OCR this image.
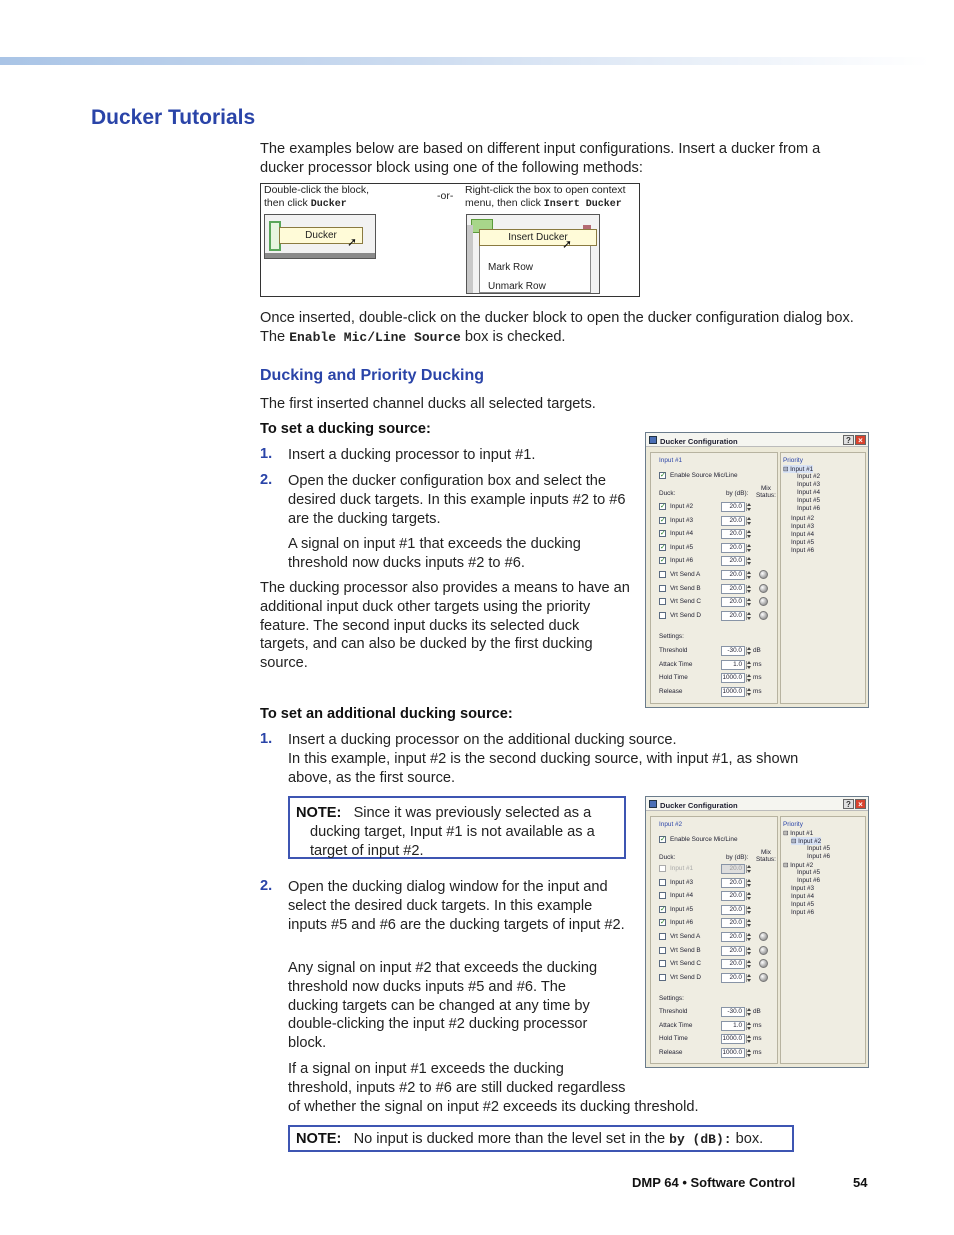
Ducker Tutorials
The examples below are based on different input configurations. Insert a ducker from a ducker processor block using one of the following methods:
Double-click the block,
then click Ducker
-or- Right-click the box to open context
menu, then click Insert Ducker
Ducker ➚
Mark Row
Unmark Row
Insert Ducker
➚
Once inserted, double-click on the ducker block to open the ducker configuration dialog box. The Enable Mic/Line Source box is checked.
Ducking and Priority Ducking
The first inserted channel ducks all selected targets.
To set a ducking source:
1. Insert a ducking processor to input #1.
2. Open the ducker configuration box and select the desired duck targets. In this example inputs #2 to #6 are the ducking targets.
A signal on input #1 that exceeds the ducking threshold now ducks inputs #2 to #6.
The ducking processor also provides a means to have an additional input duck other targets using the priority feature. The second input ducks its selected duck targets, and can also be ducked by the first ducking source.
Ducker Configuration	? ×
Input #1
✓ Enable Source Mic/Line
Duck:	by (dB):
Mix
Status:
✓ Input #2	20.0
✓ Input #3	20.0
✓ Input #4	20.0
✓ Input #5	20.0
✓ Input #6	20.0
Vrt Send A	20.0
Vrt Send B	20.0
Vrt Send C	20.0
Vrt Send D	20.0
Settings:
Threshold	-30.0	dB
Attack Time	1.0	ms
Hold Time	1000.0	ms
Release	1000.0	ms
Priority
⊟ Input #1
Input #2
Input #3
Input #4
Input #5
Input #6
Input #2
Input #3
Input #4
Input #5
Input #6
To set an additional ducking source:
1. Insert a ducking processor on the additional ducking source.
In this example, input #2 is the second ducking source, with input #1, as shown above, as the first source.
NOTE: Since it was previously selected as a ducking target, Input #1 is not available as a target of input #2.
2. Open the ducking dialog window for the input and select the desired duck targets. In this example inputs #5 and #6 are the ducking targets of input #2.
Any signal on input #2 that exceeds the ducking threshold now ducks inputs #5 and #6. The ducking targets can be changed at any time by double-clicking the input #2 ducking processor block.
If a signal on input #1 exceeds the ducking
threshold, inputs #2 to #6 are still ducked regardless
of whether the signal on input #2 exceeds its ducking threshold.
Ducker Configuration	? ×
Input #2
✓ Enable Source Mic/Line
Duck:	by (dB):
Mix
Status:
Input #1	20.0
Input #3	20.0
Input #4	20.0
✓ Input #5	20.0
✓ Input #6	20.0
Vrt Send A	20.0
Vrt Send B	20.0
Vrt Send C	20.0
Vrt Send D	20.0
Settings:
Threshold	-30.0	dB
Attack Time	1.0	ms
Hold Time	1000.0	ms
Release	1000.0	ms
Priority
⊟ Input #1
⊟ Input #2
Input #5
Input #6
⊟ Input #2
Input #5
Input #6
Input #3
Input #4
Input #5
Input #6
NOTE: No input is ducked more than the level set in the by (dB): box.
DMP 64 • Software Control	54
